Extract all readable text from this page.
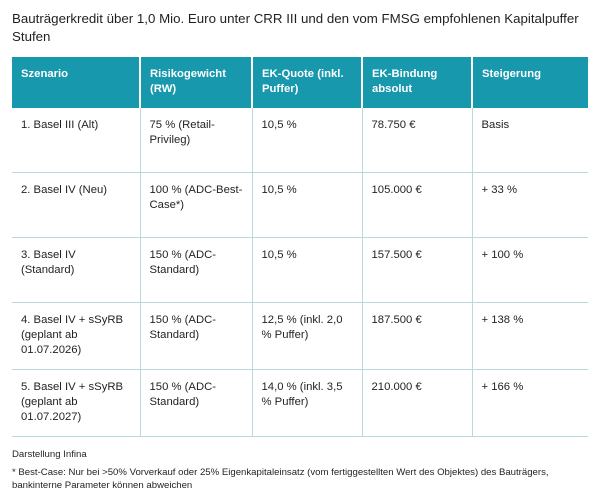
Bauträgerkredit über 1,0 Mio. Euro unter CRR III und den vom FMSG empfohlenen Kapitalpuffer Stufen
Szenario	Risikogewicht (RW)	EK-Quote (inkl. Puffer)	EK-Bindung absolut	Steigerung
1. Basel III (Alt)	75 % (Retail-Privileg)	10,5 %	78.750 €	Basis
2. Basel IV (Neu)	100 % (ADC-Best-Case*)	10,5 %	105.000 €	+ 33 %
3. Basel IV (Standard)	150 % (ADC-Standard)	10,5 %	157.500 €	+ 100 %
4. Basel IV + sSyRB (geplant ab 01.07.2026)	150 % (ADC-Standard)	12,5 % (inkl. 2,0 % Puffer)	187.500 €	+ 138 %
5. Basel IV + sSyRB (geplant ab 01.07.2027)	150 % (ADC-Standard)	14,0 % (inkl. 3,5 % Puffer)	210.000 €	+ 166 %
Darstellung Infina
* Best-Case: Nur bei >50% Vorverkauf oder 25% Eigenkapitaleinsatz (vom fertiggestellten Wert des Objektes) des Bauträgers, bankinterne Parameter können abweichen
